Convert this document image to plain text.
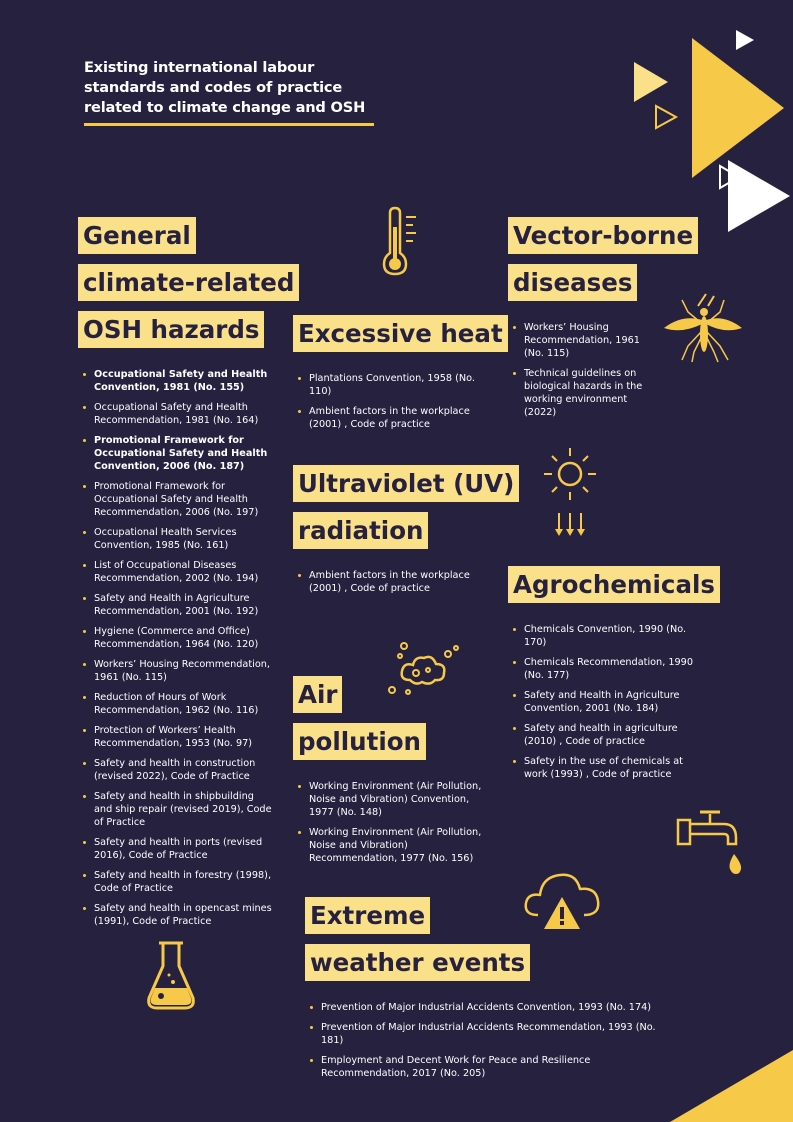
Existing international labour standards and codes of practice related to climate change and OSH
General
climate-related
OSH hazards
Occupational Safety and Health Convention, 1981 (No. 155)
Occupational Safety and Health Recommendation, 1981 (No. 164)
Promotional Framework for Occupational Safety and Health Convention, 2006 (No. 187)
Promotional Framework for Occupational Safety and Health Recommendation, 2006 (No. 197)
Occupational Health Services Convention, 1985 (No. 161)
List of Occupational Diseases Recommendation, 2002 (No. 194)
Safety and Health in Agriculture Recommendation, 2001 (No. 192)
Hygiene (Commerce and Office) Recommendation, 1964 (No. 120)
Workers’ Housing Recommendation, 1961 (No. 115)
Reduction of Hours of Work Recommendation, 1962 (No. 116)
Protection of Workers’ Health Recommendation, 1953 (No. 97)
Safety and health in construction (revised 2022), Code of Practice
Safety and health in shipbuilding and ship repair (revised 2019), Code of Practice
Safety and health in ports (revised 2016), Code of Practice
Safety and health in forestry (1998), Code of Practice
Safety and health in opencast mines (1991), Code of Practice
Excessive heat
Plantations Convention, 1958 (No. 110)
Ambient factors in the workplace (2001) , Code of practice
Ultraviolet (UV)
radiation
Ambient factors in the workplace (2001) , Code of practice
Air
pollution
Working Environment (Air Pollution, Noise and Vibration) Convention, 1977 (No. 148)
Working Environment (Air Pollution, Noise and Vibration) Recommendation, 1977 (No. 156)
Vector-borne
diseases
Workers’ Housing Recommendation, 1961 (No. 115)
Technical guidelines on biological hazards in the working environment (2022)
Agrochemicals
Chemicals Convention, 1990 (No. 170)
Chemicals Recommendation, 1990 (No. 177)
Safety and Health in Agriculture Convention, 2001 (No. 184)
Safety and health in agriculture (2010) , Code of practice
Safety in the use of chemicals at work (1993) , Code of practice
Extreme
weather events
Prevention of Major Industrial Accidents Convention, 1993 (No. 174)
Prevention of Major Industrial Accidents Recommendation, 1993 (No. 181)
Employment and Decent Work for Peace and Resilience Recommendation, 2017 (No. 205)
